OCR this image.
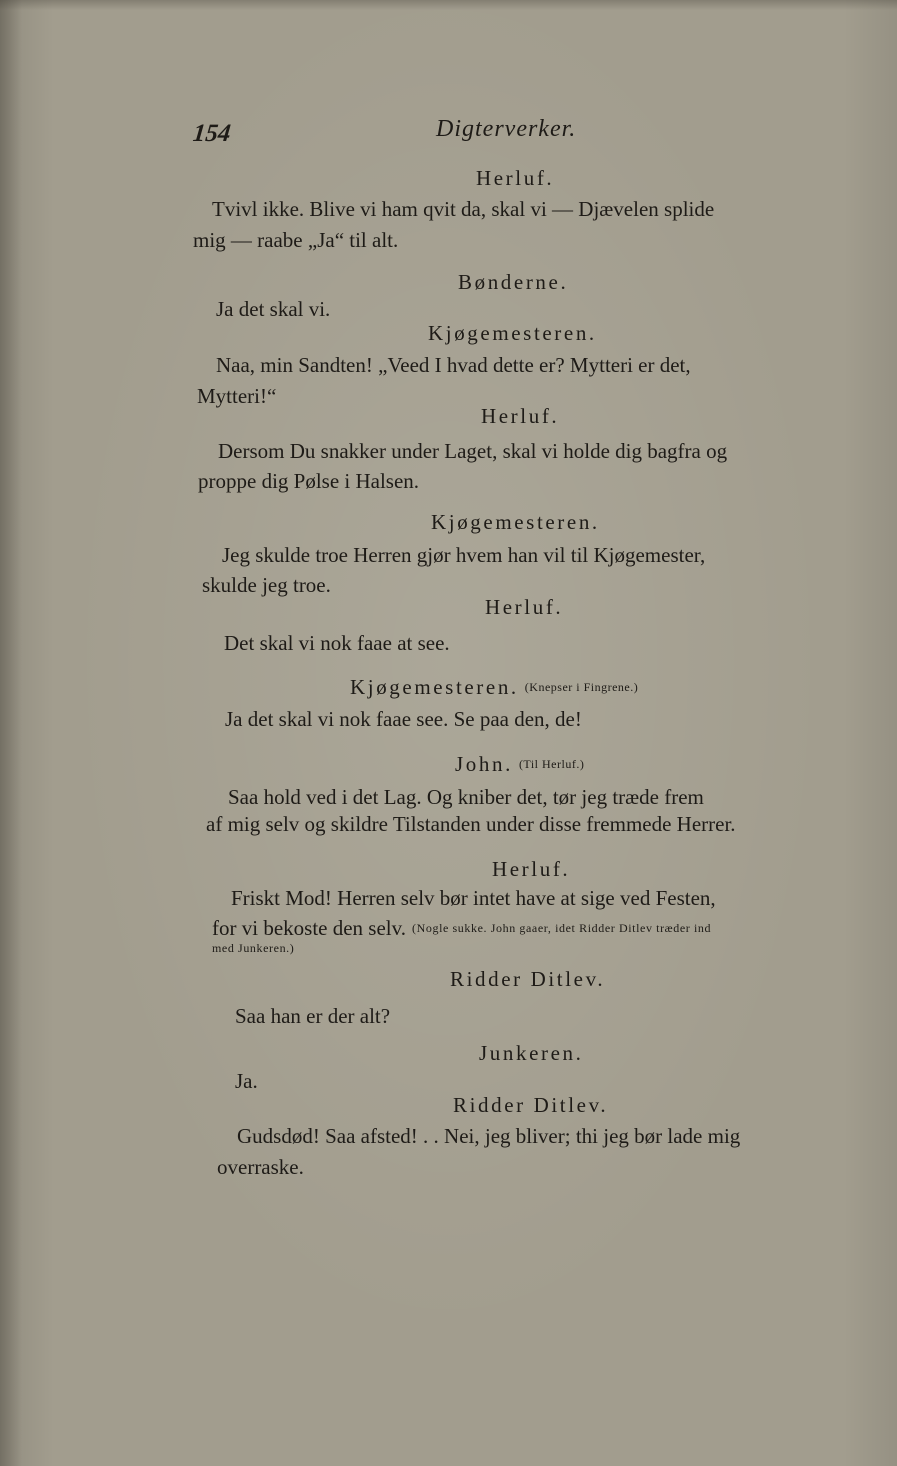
154	Digterverker.
Herluf.
Tvivl ikke. Blive vi ham qvit da, skal vi — Djævelen splide
mig — raabe „Ja“ til alt.
Bønderne.
Ja det skal vi.
Kjøgemesteren.
Naa, min Sandten! „Veed I hvad dette er? Mytteri er det,
Mytteri!“
Herluf.
Dersom Du snakker under Laget, skal vi holde dig bagfra og
proppe dig Pølse i Halsen.
Kjøgemesteren.
Jeg skulde troe Herren gjør hvem han vil til Kjøgemester,
skulde jeg troe.
Herluf.
Det skal vi nok faae at see.
Kjøgemesteren. (Knepser i Fingrene.)
Ja det skal vi nok faae see. Se paa den, de!
John. (Til Herluf.)
Saa hold ved i det Lag. Og kniber det, tør jeg træde frem
af mig selv og skildre Tilstanden under disse fremmede Herrer.
Herluf.
Friskt Mod! Herren selv bør intet have at sige ved Festen,
for vi bekoste den selv. (Nogle sukke. John gaaer, idet Ridder Ditlev træder ind
med Junkeren.)
Ridder Ditlev.
Saa han er der alt?
Junkeren.
Ja.
Ridder Ditlev.
Gudsdød! Saa afsted! . . Nei, jeg bliver; thi jeg bør lade mig
overraske.
